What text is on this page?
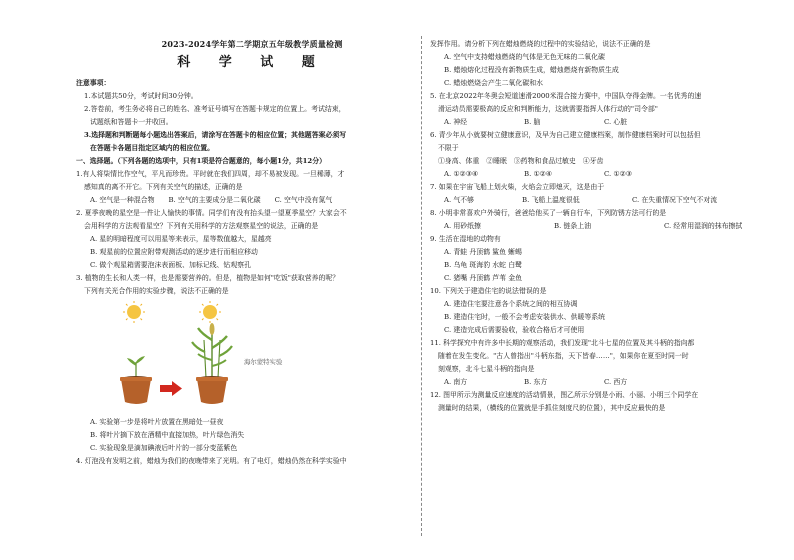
2023-2024学年第二学期京五年级教学质量检测
科 学 试 题
注意事项：
1.本试题共50分，考试时间30分钟。
2.答卷前，考生务必将自己的姓名、准考证号填写在答题卡规定的位置上。考试结束，
试题纸和答题卡一并收回。
3.选择题和判断题每小题选出答案后，请涂写在答题卡的相应位置；其他题答案必须写
在答题卡各题目指定区域内的相应位置。
一、选择题。（下列各题的选项中，只有1项是符合题意的，每小题1分，共12分）
1.有人将柒情比作空气，平凡而珍贵。平时就在我们四周，却不易被发现。一旦稀薄，才
感知真的离不开它。下列有关空气的描述，正确的是
A. 空气是一种混合物 B. 空气的主要成分是二氧化碳 C. 空气中没有氮气
2. 夏季夜晚的星空是一件让人愉快的事情。同学们有没有抬头望一望夏季星空？大家会不
会用科学的方法观看星空？下列有关用科学的方法观察星空的说法，正确的是
A. 星的明暗程度可以用星等来表示，星等数值越大，星越亮
B. 观星前的位置应附带观测活动的逐步进行而相应移动
C. 做个观星箱需要泡沫表面板、加标记线、钻观察孔
3. 植物的生长和人类一样，也是需要营养的。但是，植物是如何"吃饭"获取营养的呢？
下列有关光合作用的实验步骤，说法不正确的是
海尔蒙特实验
A. 实验第一步是将叶片放置在黑暗处一昼夜
B. 将叶片摘下放在酒精中直接加热，叶片绿色消失
C. 实验现象是滴加碘液后叶片的一部分变蓝紫色
4. 灯泡没有发明之前，蜡烛为我们的夜晚带来了光明。有了电灯，蜡烛仍然在科学实验中
发挥作用。请分析下列在蜡烛燃烧的过程中的实验结论，说法不正确的是
A. 空气中支持蜡烛燃烧的气体是无色无味的二氧化碳
B. 蜡烛熔化过程没有新物质生成，蜡烛燃烧有新物质生成
C. 蜡烛燃烧会产生二氧化碳和水
5. 在北京2022年冬奥会短道速滑2000米混合接力赛中，中国队夺得金牌。一名优秀的速
滑运动员需要极高的反应和判断能力，这就需要指挥人体行动的"司令部"
A. 神经	B. 脑	C. 心脏
6. 青少年从小就要树立健康意识，及早为自己建立健康档案，制作健康档案时可以包括但
不限于
①身高、体重　②睡眠　③药物和食品过敏史　④牙齿
A. ①②③④	B. ①②④	C. ①②③
7. 如果在宇宙飞船上划火柴，火焰会立即熄灭，这是由于
A. 气不够	B. 飞船上温度很低	C. 在失重情况下空气不对流
8. 小明非常喜欢户外骑行，爸爸给他买了一辆自行车，下列防锈方法可行的是
A. 用砂纸擦	B. 链条上油	C. 经常用湿润的抹布擦拭
9. 生活在湿地的动物有
A. 青蛙 丹顶鹤 鲨鱼 蜥蜴
B. 乌龟 斑海豹 水蛇 白鹭
C. 猪嘴 丹顶鹤 芦苇 金鱼
10. 下列关于建造住宅的说法错误的是
A. 建造住宅要注意各个系统之间的相互协调
B. 建造住宅时，一般不会考虑安装供水、供暖等系统
C. 建造完成后需要验收，验收合格后才可使用
11. 科学探究中有许多中长期的观察活动，我们发现"北斗七星的位置及其斗柄的指向都
随着在发生变化。"古人曾指出"斗柄东指，天下皆春……"，如果你在夏至时同一时
刻观察，北斗七星斗柄的指向是
A. 南方	B. 东方	C. 西方
12. 图甲所示为测量反应速度的活动情景，图乙所示分别是小雨、小丽、小明三个同学在
测量时的结果，（横线的位置就是手抓住刻度尺的位置），其中反应最快的是
